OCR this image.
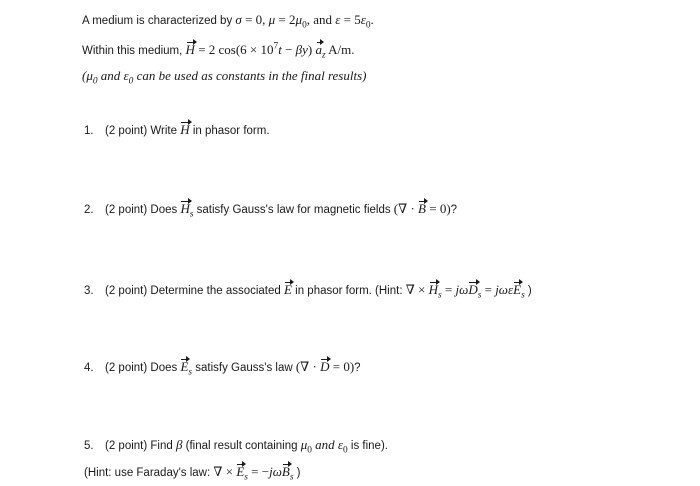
A medium is characterized by σ = 0, $\mu = 2\mu_0$, and $\varepsilon = 5\varepsilon_0$.
Within this medium, H = 2 $\cos(6 \times 10^7t - \beta y)$ $a_z$ A/m.
($\mu_0$ and $\varepsilon_0$ can be used as constants in the final results)
1. (2 point) Write H in phasor form.
2. (2 point) Does $H_s$ satisfy Gauss's law for magnetic fields (∇ · B = 0)?
3. (2 point) Determine the associated E in phasor form. (Hint: ∇ × $H_s = j\omega D_s = j\omega\varepsilon E_s$ )
4. (2 point) Does $E_s$ satisfy Gauss's law (∇ · D = 0)?
5. (2 point) Find β (final result containing $\mu_0$ and $\varepsilon_0$ is fine).
(Hint: use Faraday's law: ∇ × $E_s = -j\omega B_s$ )
